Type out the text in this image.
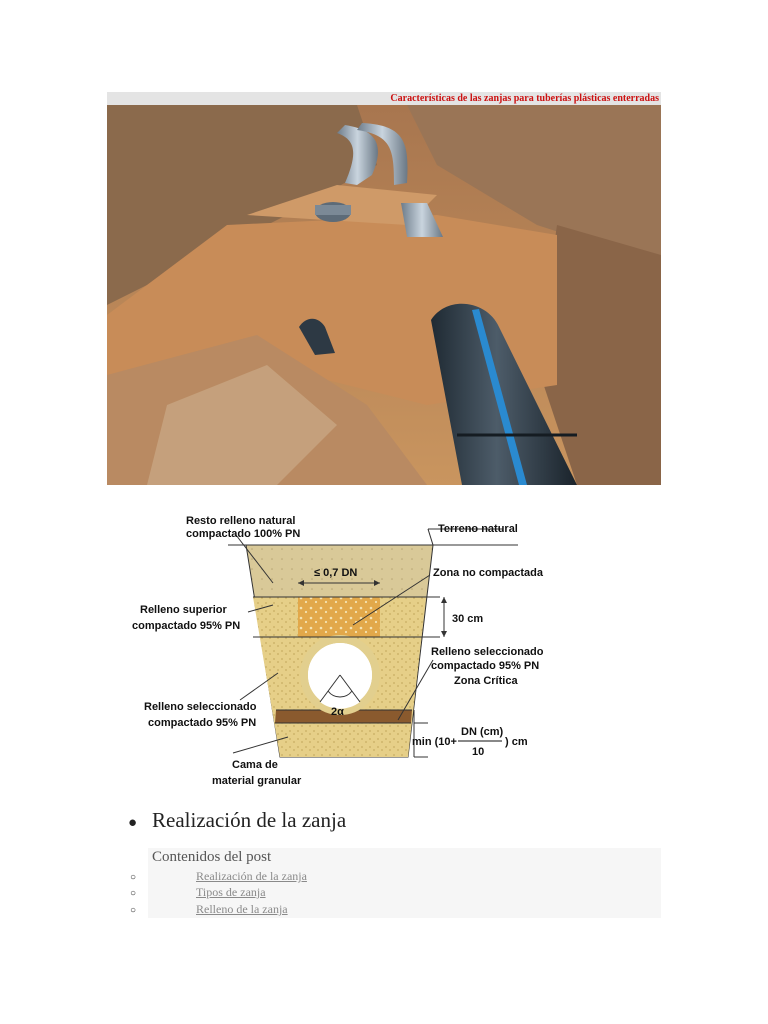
Características de las zanjas para tuberías plásticas enterradas
Resto relleno natural
compactado 100% PN	Terreno natural
≤ 0,7 DN	Zona no compactada
Relleno superior
compactado 95% PN
30 cm
Relleno seleccionado
compactado 95% PN
Zona Crítica
Relleno seleccionado
compactado 95% PN
2α
min (10+
DN (cm)
10
) cm
Cama de
material granular
● Realización de la zanja
Contenidos del post
○	Realización de la zanja
○	Tipos de zanja
○	Relleno de la zanja
